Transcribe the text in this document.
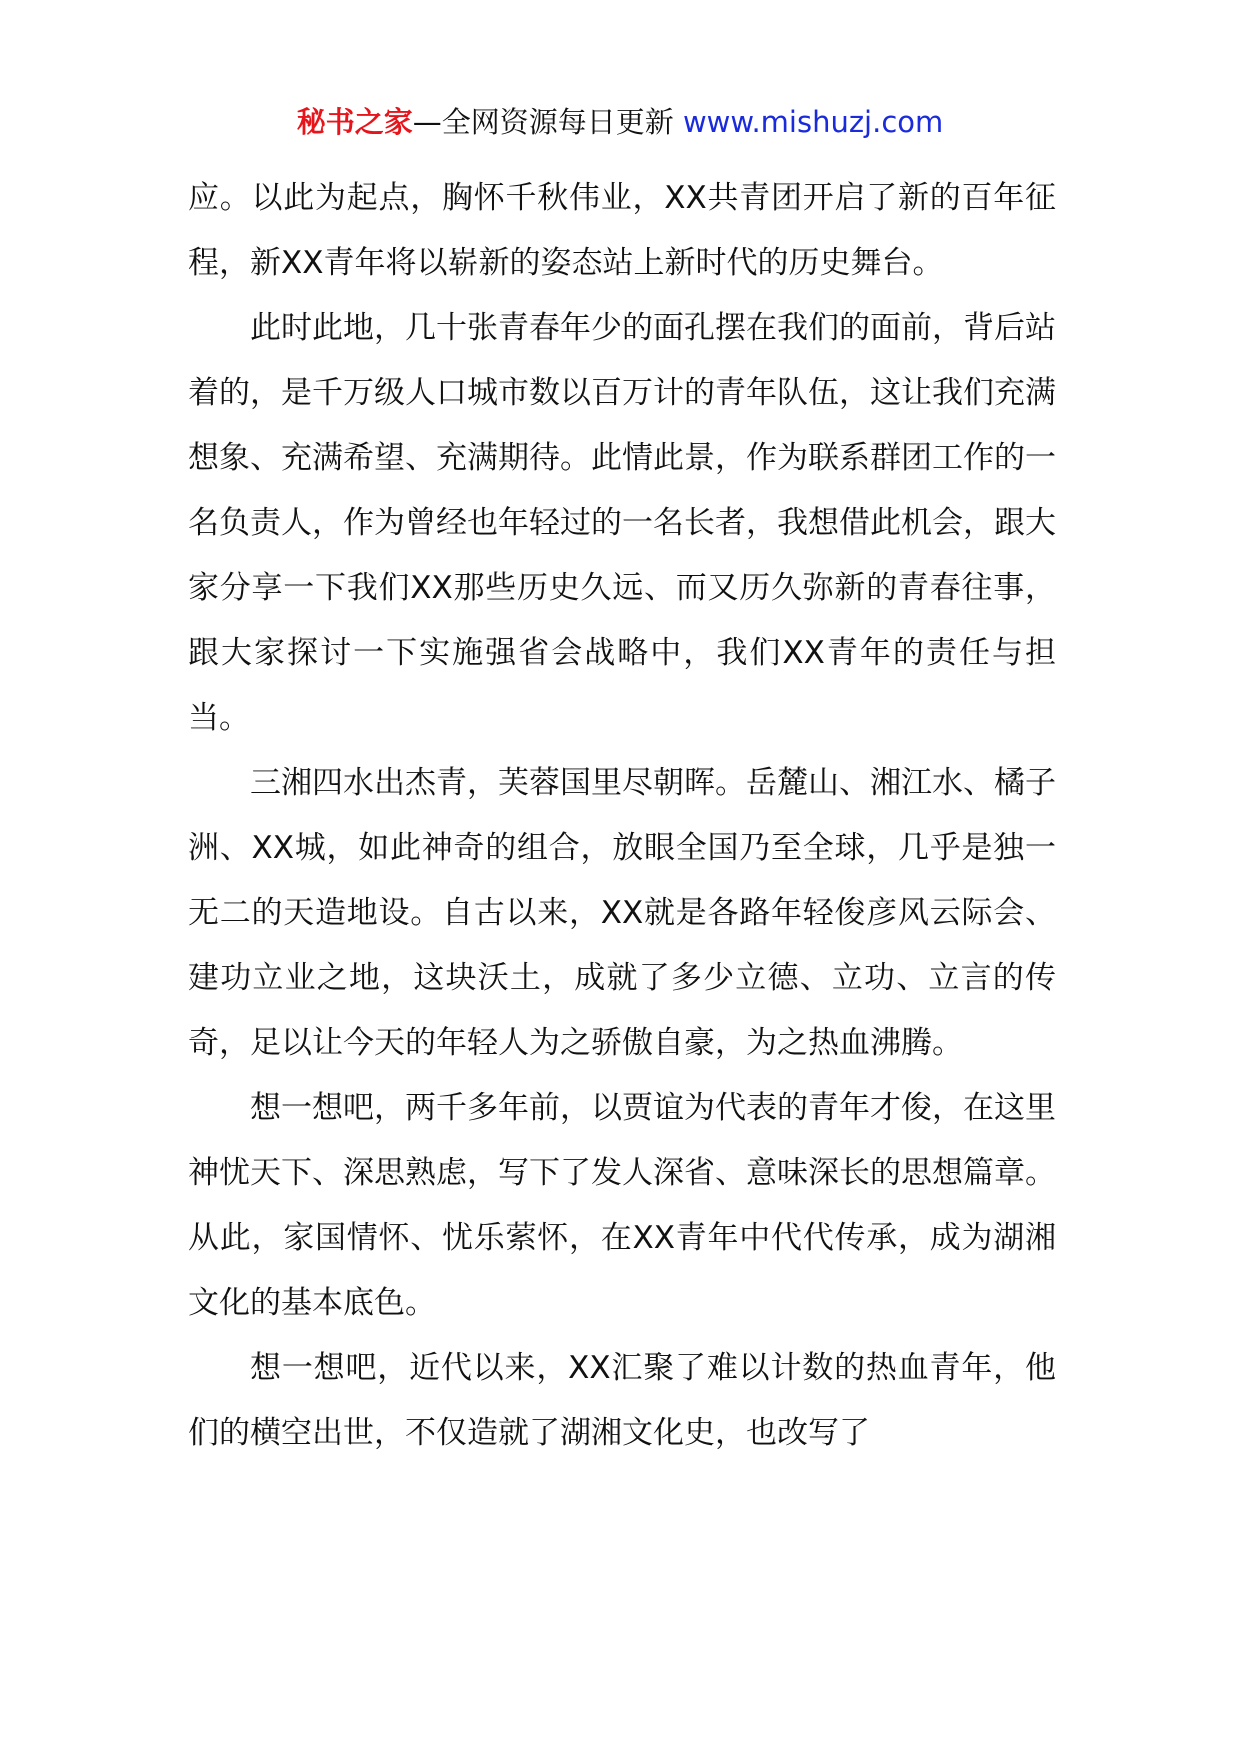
秘书之家—全网资源每日更新 www.mishuzj.com

应。以此为起点，胸怀千秋伟业，XX共青团开启了新的百年征程，新XX青年将以崭新的姿态站上新时代的历史舞台。

此时此地，几十张青春年少的面孔摆在我们的面前，背后站着的，是千万级人口城市数以百万计的青年队伍，这让我们充满想象、充满希望、充满期待。此情此景，作为联系群团工作的一名负责人，作为曾经也年轻过的一名长者，我想借此机会，跟大家分享一下我们XX那些历史久远、而又历久弥新的青春往事，跟大家探讨一下实施强省会战略中，我们XX青年的责任与担当。

三湘四水出杰青，芙蓉国里尽朝晖。岳麓山、湘江水、橘子洲、XX城，如此神奇的组合，放眼全国乃至全球，几乎是独一无二的天造地设。自古以来，XX就是各路年轻俊彦风云际会、建功立业之地，这块沃土，成就了多少立德、立功、立言的传奇，足以让今天的年轻人为之骄傲自豪，为之热血沸腾。

想一想吧，两千多年前，以贾谊为代表的青年才俊，在这里神忧天下、深思熟虑，写下了发人深省、意味深长的思想篇章。从此，家国情怀、忧乐萦怀，在XX青年中代代传承，成为湖湘文化的基本底色。

想一想吧，近代以来，XX汇聚了难以计数的热血青年，他们的横空出世，不仅造就了湖湘文化史，也改写了
